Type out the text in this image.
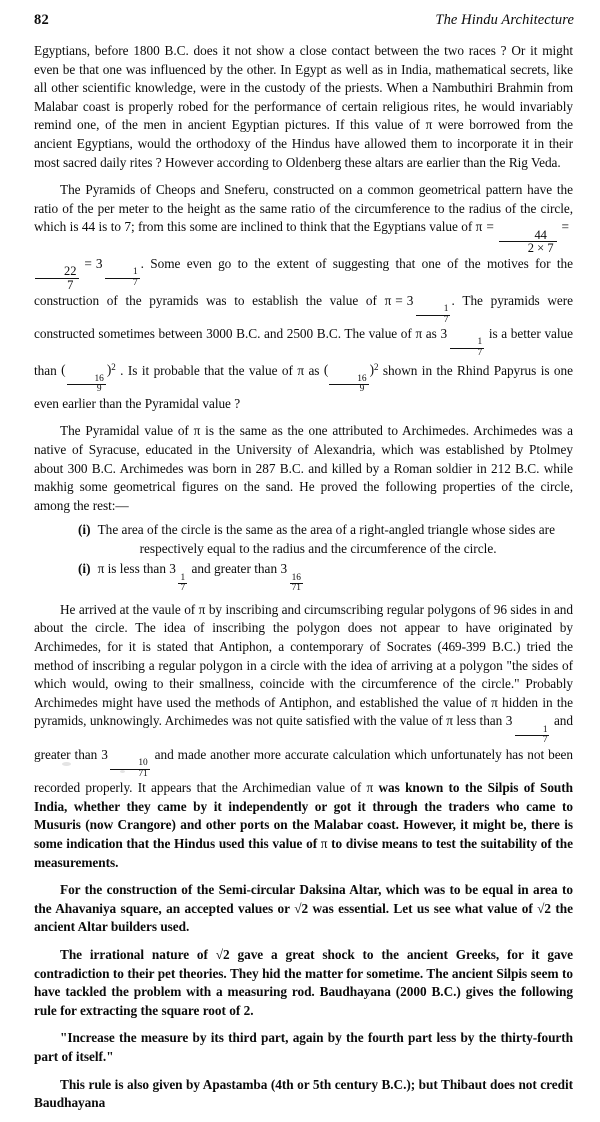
82	The Hindu Architecture

Egyptians, before 1800 B.C. does it not show a close contact between the two races ? Or it might even be that one was influenced by the other. In Egypt as well as in India, mathematical secrets, like all other scientific knowledge, were in the custody of the priests. When a Nambuthiri Brahmin from Malabar coast is properly robed for the performance of certain religious rites, he would invariably remind one, of the men in ancient Egyptian pictures. If this value of π were borrowed from the ancient Egyptians, would the orthodoxy of the Hindus have allowed them to incorporate it in their most sacred daily rites ? However according to Oldenberg these altars are earlier than the Rig Veda.

The Pyramids of Cheops and Sneferu, constructed on a common geometrical pattern have the ratio of the per meter to the height as the same ratio of the circumference to the radius of the circle, which is 44 is to 7; from this some are inclined to think that the Egyptians value of π =
$\frac{44}{2 \times 7}$
=
$\frac{22}{7}$
= 3
$\frac{1}{7}$
. Some even go to the extent of suggesting that one of the motives for the construction of the pyramids was to establish the value of π = 3
$\frac{1}{7}$
. The pyramids were constructed sometimes between 3000 B.C. and 2500 B.C. The value of π as 3
$\frac{1}{7}$
is a better value than (
$\frac{16}{9}$
)$^2$ . Is it probable that the value of π as (
$\frac{16}{9}$
)$^2$ shown in the Rhind Papyrus is one even earlier than the Pyramidal value ?

The Pyramidal value of π is the same as the one attributed to Archimedes. Archimedes was a native of Syracuse, educated in the University of Alexandria, which was established by Ptolmey about 300 B.C. Archimedes was born in 287 B.C. and killed by a Roman soldier in 212 B.C. while makhig some geometrical figures on the sand. He proved the following properties of the circle, among the rest:—

(i) The area of the circle is the same as the area of a right-angled triangle whose sides are
respectively equal to the radius and the circumference of the circle.
(i) π is less than 3
$\frac{1}{7}$
and greater than 3
$\frac{16}{71}$

He arrived at the vaule of π by inscribing and circumscribing regular polygons of 96 sides in and about the circle. The idea of inscribing the polygon does not appear to have originated by Archimedes, for it is stated that Antiphon, a contemporary of Socrates (469-399 B.C.) tried the method of inscribing a regular polygon in a circle with the idea of arriving at a polygon "the sides of which would, owing to their smallness, coincide with the circumference of the circle." Probably Archimedes might have used the methods of Antiphon, and established the value of π hidden in the pyramids, unknowingly. Archimedes was not quite satisfied with the value of π less than 3
$\frac{1}{7}$
and greater than 3
$\frac{10}{71}$
and made another more accurate calculation which unfortunately has not been recorded properly. It appears that the Archimedian value of π was known to the Silpis of South India, whether they came by it independently or got it through the traders who came to Musuris (now Crangore) and other ports on the Malabar coast. However, it might be, there is some indication that the Hindus used this value of π to divise means to test the suitability of the measurements.

For the construction of the Semi-circular Daksina Altar, which was to be equal in area to the Ahavaniya square, an accepted values or √2 was essential. Let us see what value of √2 the ancient Altar builders used.

The irrational nature of √2 gave a great shock to the ancient Greeks, for it gave contradiction to their pet theories. They hid the matter for sometime. The ancient Silpis seem to have tackled the problem with a measuring rod. Baudhayana (2000 B.C.) gives the following rule for extracting the square root of 2.

"Increase the measure by its third part, again by the fourth part less by the thirty-fourth part of itself."

This rule is also given by Apastamba (4th or 5th century B.C.); but Thibaut does not credit Baudhayana
